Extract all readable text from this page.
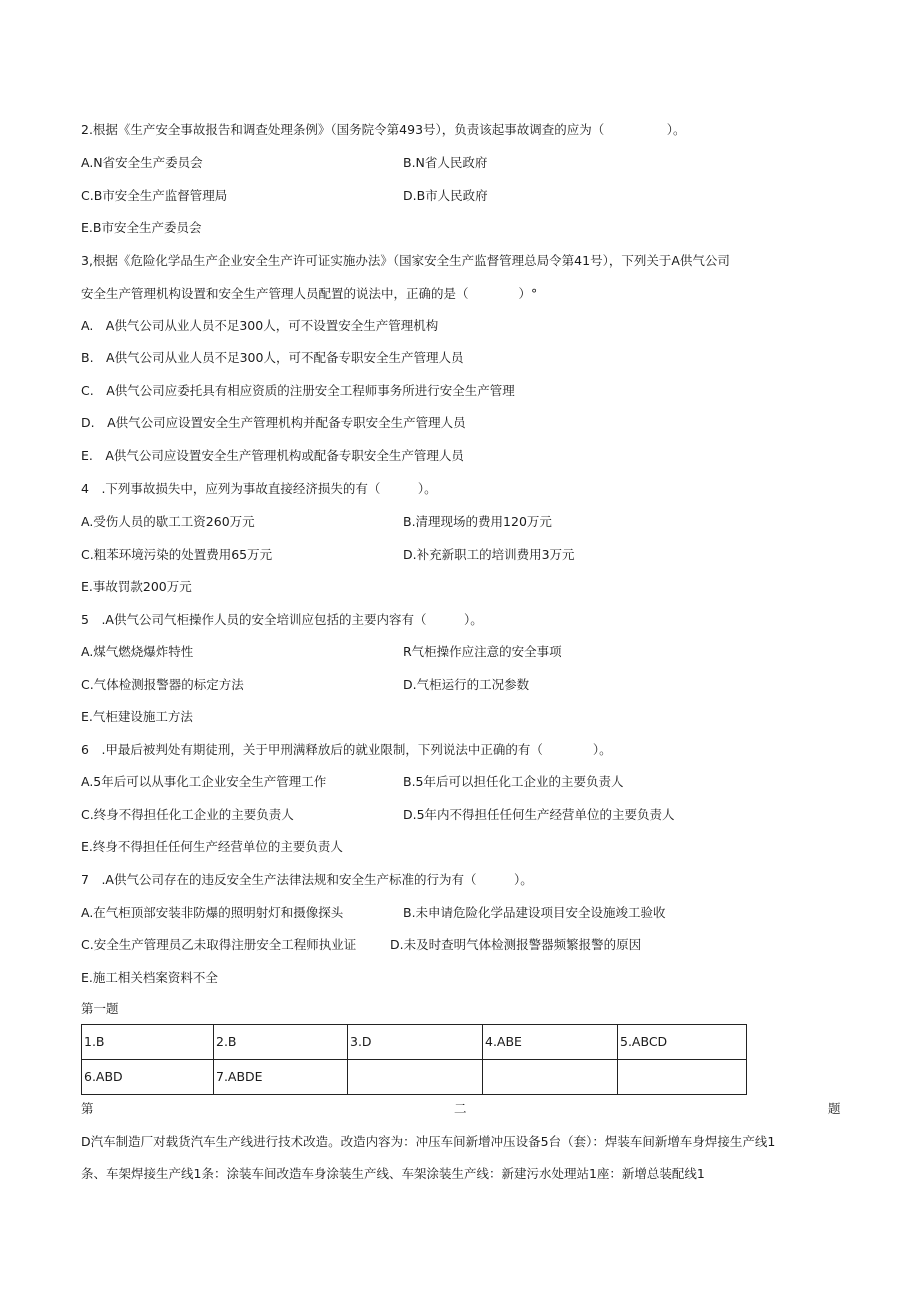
2.根据《生产安全事故报告和调查处理条例》（国务院令第493号），负责该起事故调查的应为（　　　　　）。
A.N省安全生产委员会	B.N省人民政府
C.B市安全生产监督管理局	D.B市人民政府
E.B市安全生产委员会
3,根据《危险化学品生产企业安全生产许可证实施办法》（国家安全生产监督管理总局令第41号），下列关于A供气公司
安全生产管理机构设置和安全生产管理人员配置的说法中，正确的是（　　　　）°
A.　A供气公司从业人员不足300人，可不设置安全生产管理机构
B.　A供气公司从业人员不足300人，可不配备专职安全生产管理人员
C.　A供气公司应委托具有相应资质的注册安全工程师事务所进行安全生产管理
D.　A供气公司应设置安全生产管理机构并配备专职安全生产管理人员
E.　A供气公司应设置安全生产管理机构或配备专职安全生产管理人员
4　.下列事故损失中，应列为事故直接经济损失的有（　　　）。
A.受伤人员的歇工工资260万元	B.清理现场的费用120万元
C.粗苯环境污染的处置费用65万元	D.补充新职工的培训费用3万元
E.事故罚款200万元
5　.A供气公司气柜操作人员的安全培训应包括的主要内容有（　　　）。
A.煤气燃烧爆炸特性	R气柜操作应注意的安全事项
C.气体检测报警器的标定方法	D.气柜运行的工况参数
E.气柜建设施工方法
6　.甲最后被判处有期徒刑，关于甲刑满释放后的就业限制，下列说法中正确的有（　　　　）。
A.5年后可以从事化工企业安全生产管理工作	B.5年后可以担任化工企业的主要负责人
C.终身不得担任化工企业的主要负责人	D.5年内不得担任任何生产经营单位的主要负责人
E.终身不得担任任何生产经营单位的主要负责人
7　.A供气公司存在的违反安全生产法律法规和安全生产标准的行为有（　　　）。
A.在气柜顶部安装非防爆的照明射灯和摄像探头	B.未申请危险化学品建设项目安全设施竣工验收
C.安全生产管理员乙未取得注册安全工程师执业证	D.未及时查明气体检测报警器频繁报警的原因
E.施工相关档案资料不全
第一题
1.B	2.B	3.D	4.ABE	5.ABCD
6.ABD	7.ABDE			
第	二	题
D汽车制造厂对载货汽车生产线进行技术改造。改造内容为：冲压车间新增冲压设备5台（套）：焊装车间新增车身焊接生产线1
条、车架焊接生产线1条：涂装车间改造车身涂装生产线、车架涂装生产线：新建污水处理站1座：新增总装配线1
